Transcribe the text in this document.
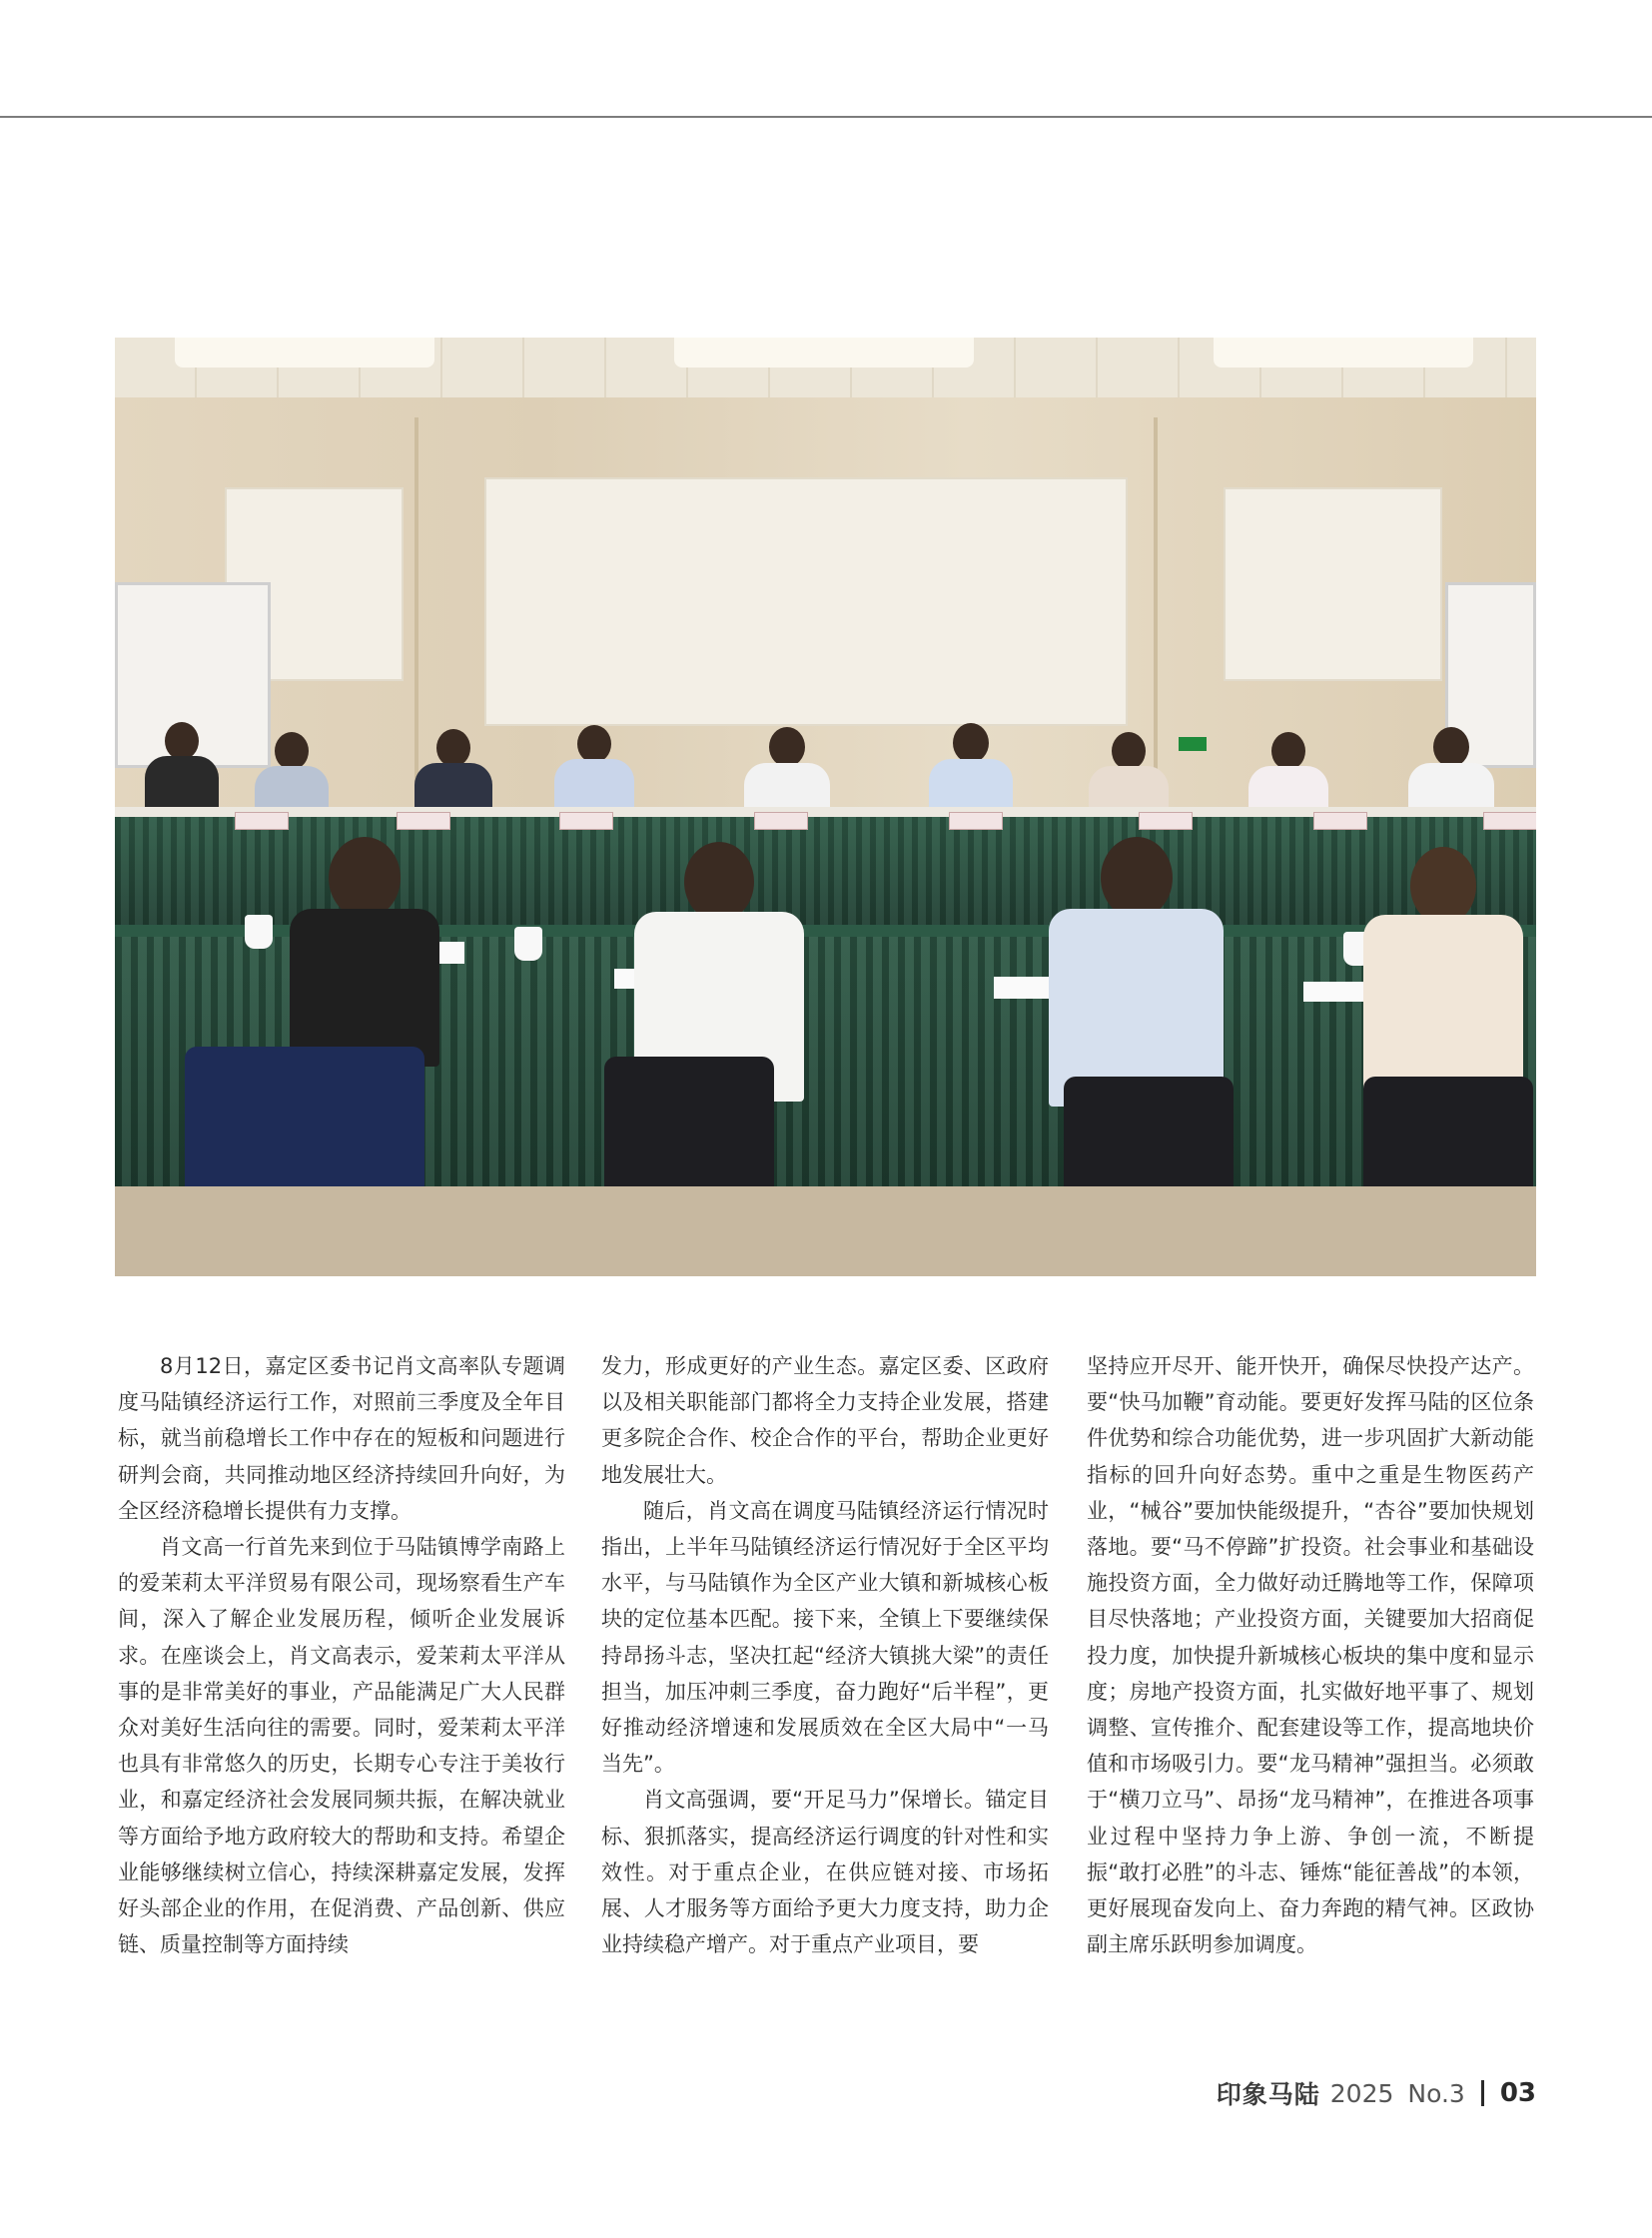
8月12日，嘉定区委书记肖文高率队专题调度马陆镇经济运行工作，对照前三季度及全年目标，就当前稳增长工作中存在的短板和问题进行研判会商，共同推动地区经济持续回升向好，为全区经济稳增长提供有力支撑。

肖文高一行首先来到位于马陆镇博学南路上的爱茉莉太平洋贸易有限公司，现场察看生产车间，深入了解企业发展历程，倾听企业发展诉求。在座谈会上，肖文高表示，爱茉莉太平洋从事的是非常美好的事业，产品能满足广大人民群众对美好生活向往的需要。同时，爱茉莉太平洋也具有非常悠久的历史，长期专心专注于美妆行业，和嘉定经济社会发展同频共振，在解决就业等方面给予地方政府较大的帮助和支持。希望企业能够继续树立信心，持续深耕嘉定发展，发挥好头部企业的作用，在促消费、产品创新、供应链、质量控制等方面持续

发力，形成更好的产业生态。嘉定区委、区政府以及相关职能部门都将全力支持企业发展，搭建更多院企合作、校企合作的平台，帮助企业更好地发展壮大。

随后，肖文高在调度马陆镇经济运行情况时指出，上半年马陆镇经济运行情况好于全区平均水平，与马陆镇作为全区产业大镇和新城核心板块的定位基本匹配。接下来，全镇上下要继续保持昂扬斗志，坚决扛起“经济大镇挑大梁”的责任担当，加压冲刺三季度，奋力跑好“后半程”，更好推动经济增速和发展质效在全区大局中“一马当先”。

肖文高强调，要“开足马力”保增长。锚定目标、狠抓落实，提高经济运行调度的针对性和实效性。对于重点企业，在供应链对接、市场拓展、人才服务等方面给予更大力度支持，助力企业持续稳产增产。对于重点产业项目，要

坚持应开尽开、能开快开，确保尽快投产达产。要“快马加鞭”育动能。要更好发挥马陆的区位条件优势和综合功能优势，进一步巩固扩大新动能指标的回升向好态势。重中之重是生物医药产业，“械谷”要加快能级提升，“杏谷”要加快规划落地。要“马不停蹄”扩投资。社会事业和基础设施投资方面，全力做好动迁腾地等工作，保障项目尽快落地；产业投资方面，关键要加大招商促投力度，加快提升新城核心板块的集中度和显示度；房地产投资方面，扎实做好地平事了、规划调整、宣传推介、配套建设等工作，提高地块价值和市场吸引力。要“龙马精神”强担当。必须敢于“横刀立马”、昂扬“龙马精神”，在推进各项事业过程中坚持力争上游、争创一流，不断提振“敢打必胜”的斗志、锤炼“能征善战”的本领，更好展现奋发向上、奋力奔跑的精气神。区政协副主席乐跃明参加调度。

印象马陆 2025 No.3 03
